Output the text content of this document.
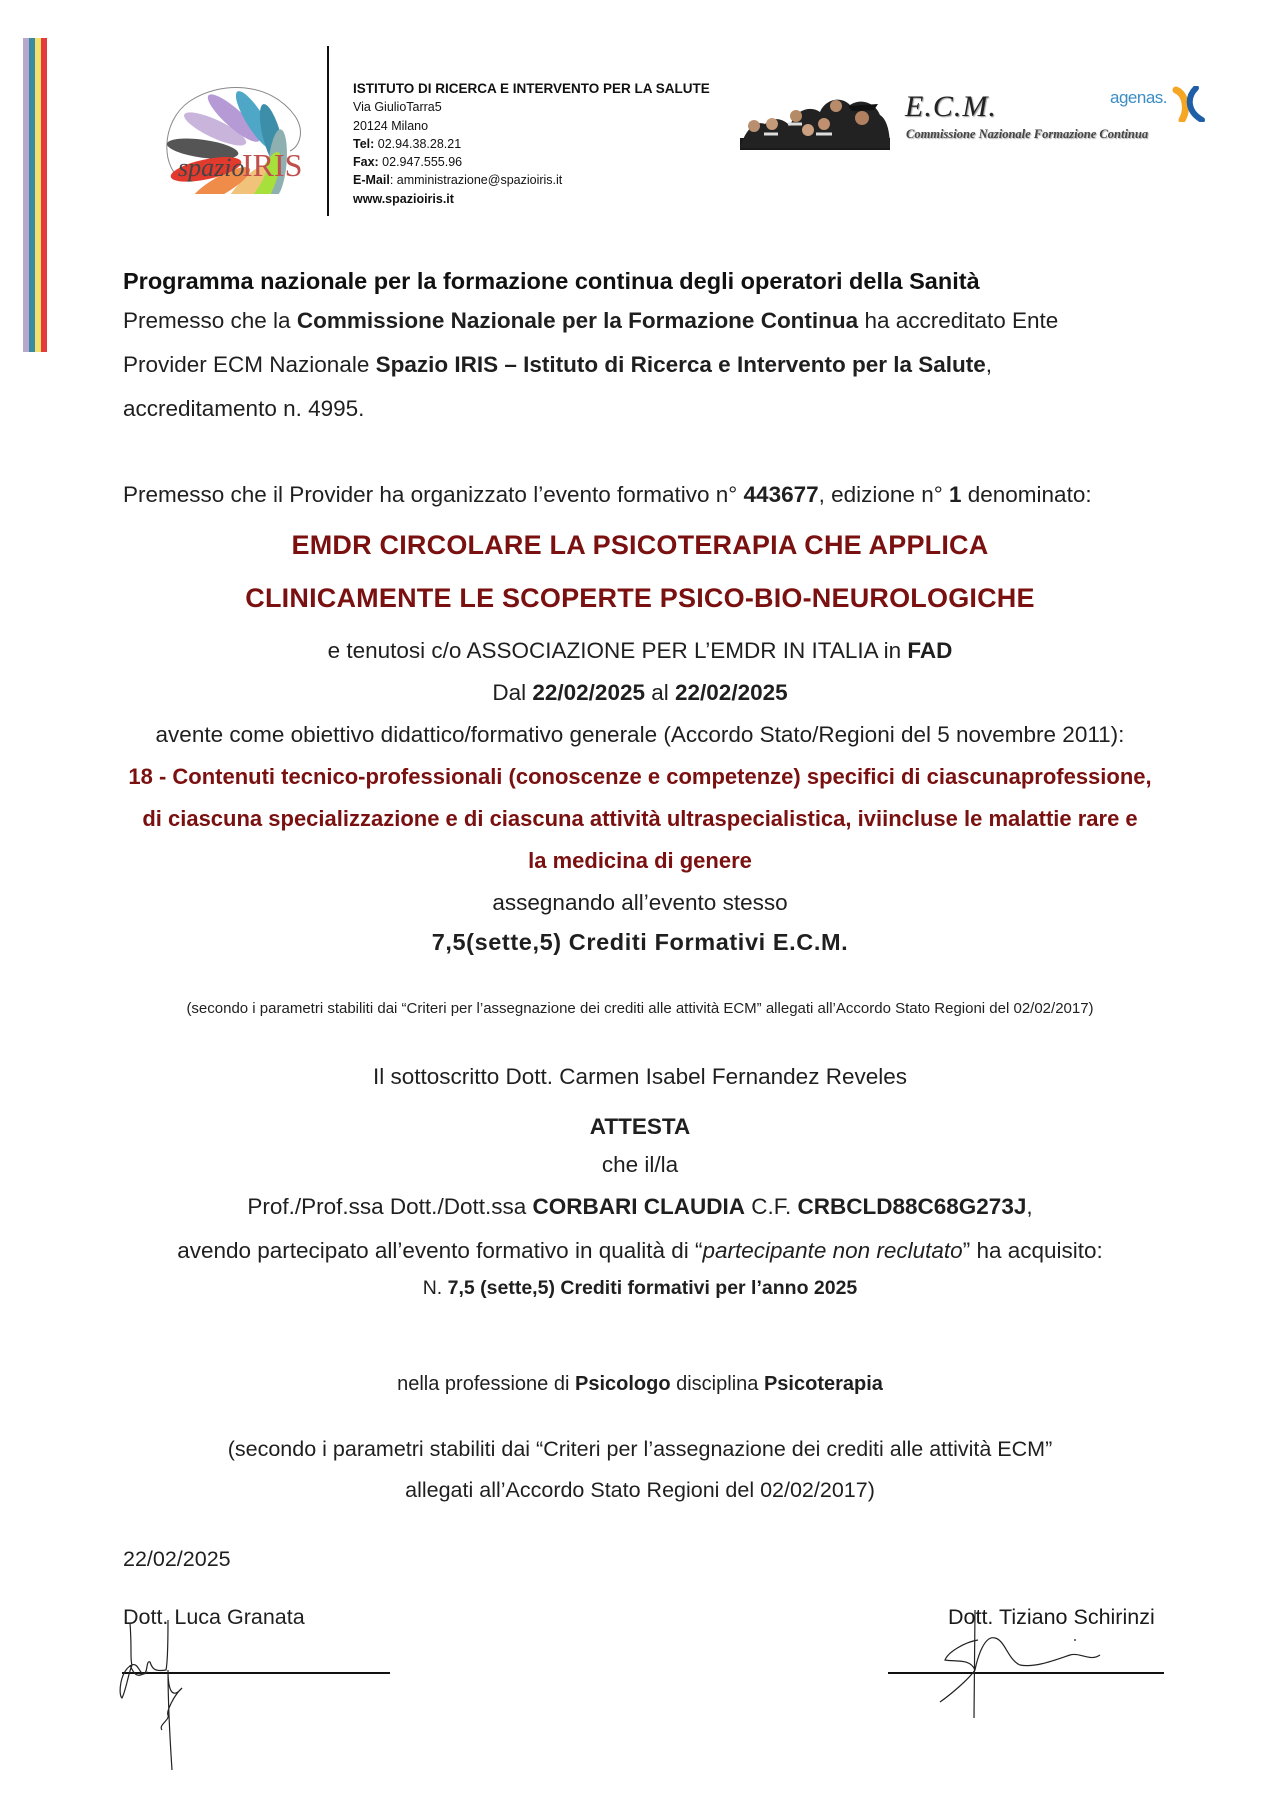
spazio
IRIS
ISTITUTO DI RICERCA E INTERVENTO PER LA SALUTE
Via GiulioTarra5
20124 Milano
Tel: 02.94.38.28.21
Fax: 02.947.555.96
E-Mail: amministrazione@spazioiris.it
www.spazioiris.it
E.C.M.
Commissione Nazionale Formazione Continua
agenas.
Programma nazionale per la formazione continua degli operatori della Sanità
Premesso che la Commissione Nazionale per la Formazione Continua ha accreditato Ente
Provider ECM Nazionale Spazio IRIS – Istituto di Ricerca e Intervento per la Salute,
accreditamento n. 4995.
Premesso che il Provider ha organizzato l’evento formativo n° 443677, edizione n° 1 denominato:
EMDR CIRCOLARE LA PSICOTERAPIA CHE APPLICA
CLINICAMENTE LE SCOPERTE PSICO-BIO-NEUROLOGICHE
e tenutosi c/o ASSOCIAZIONE PER L’EMDR IN ITALIA in FAD
Dal 22/02/2025 al 22/02/2025
avente come obiettivo didattico/formativo generale (Accordo Stato/Regioni del 5 novembre 2011):
18 - Contenuti tecnico-professionali (conoscenze e competenze) specifici di ciascunaprofessione,
di ciascuna specializzazione e di ciascuna attività ultraspecialistica, iviincluse le malattie rare e
la medicina di genere
assegnando all’evento stesso
7,5(sette,5) Crediti Formativi E.C.M.
(secondo i parametri stabiliti dai “Criteri per l’assegnazione dei crediti alle attività ECM” allegati all’Accordo Stato Regioni del 02/02/2017)
Il sottoscritto Dott. Carmen Isabel Fernandez Reveles
ATTESTA
che il/la
Prof./Prof.ssa Dott./Dott.ssa CORBARI CLAUDIA C.F. CRBCLD88C68G273J,
avendo partecipato all’evento formativo in qualità di “partecipante non reclutato” ha acquisito:
N. 7,5 (sette,5) Crediti formativi per l’anno 2025
nella professione di Psicologo disciplina Psicoterapia
(secondo i parametri stabiliti dai “Criteri per l’assegnazione dei crediti alle attività ECM”
allegati all’Accordo Stato Regioni del 02/02/2017)
22/02/2025
Dott. Luca Granata	Dott. Tiziano Schirinzi
